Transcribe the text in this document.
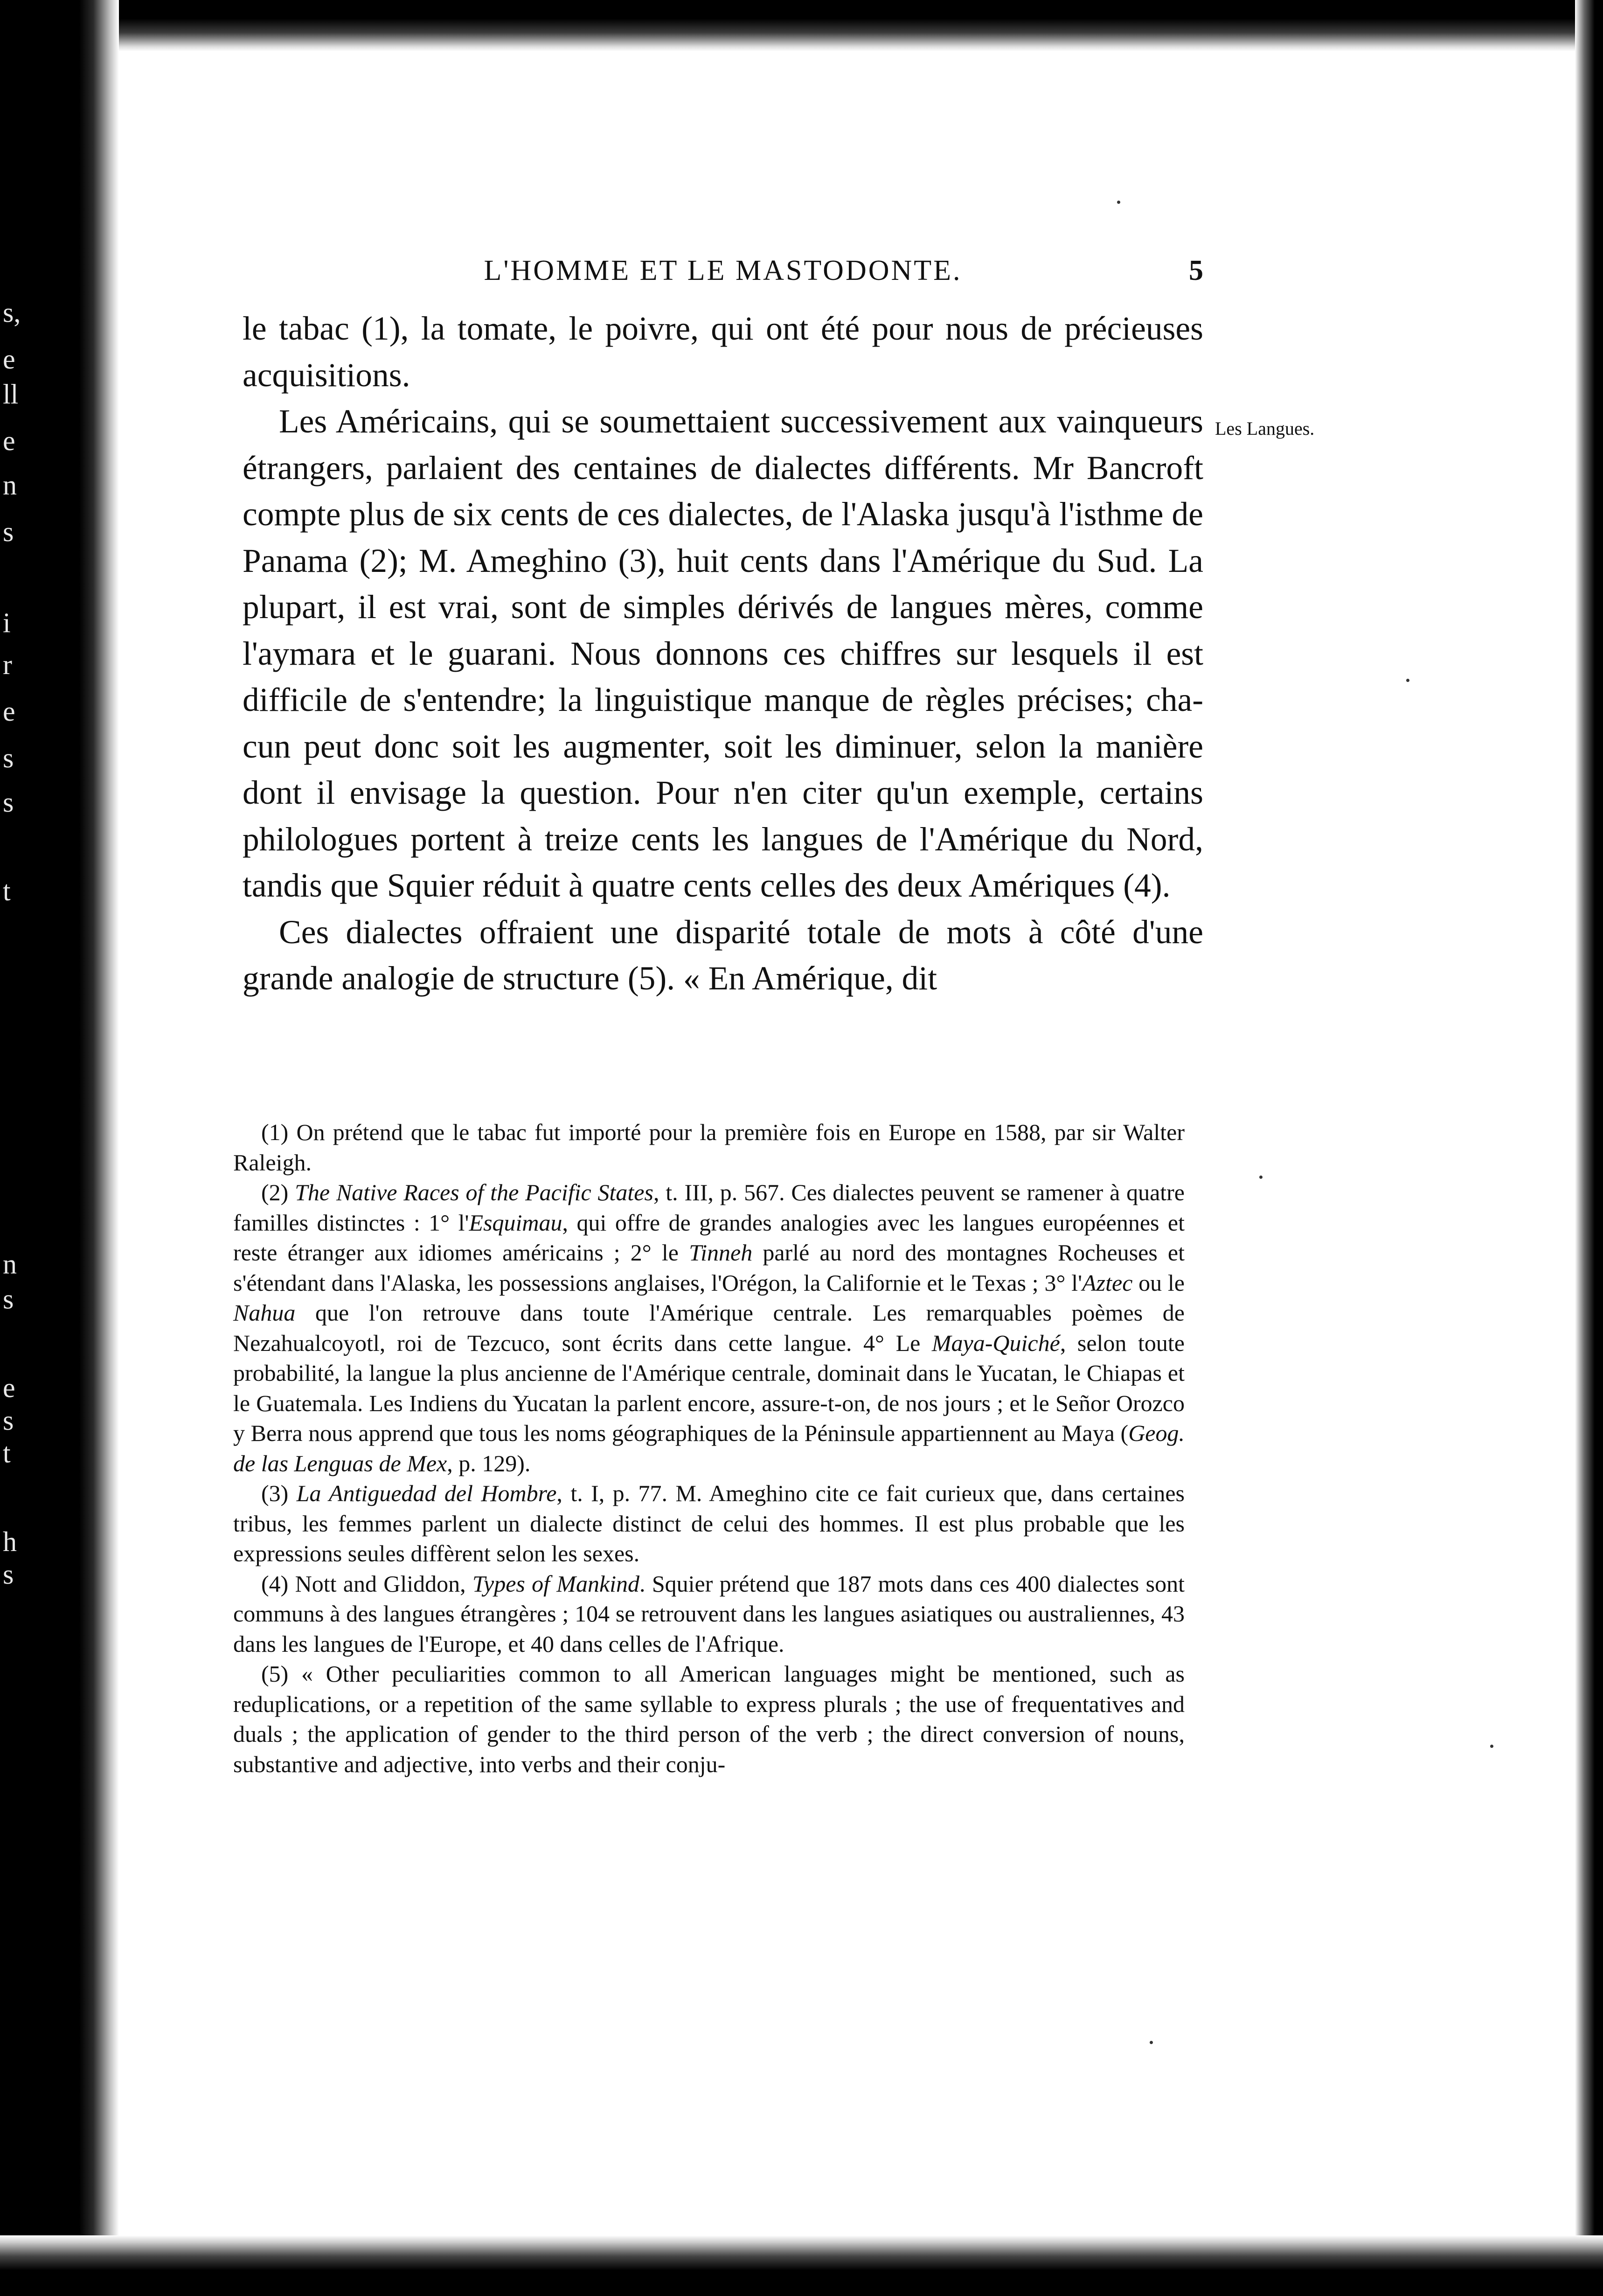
s,
e
ll
e
n
s
i
r
e
s
s
t
n
s
e
s
t
h
s
L'HOMME ET LE MASTODONTE.	5
Les Langues.

le tabac (1), la tomate, le poivre, qui ont été pour nous de précieuses acquisitions.

Les Américains, qui se soumettaient successivement aux vainqueurs étrangers, parlaient des centaines de dialectes différents. Mr Bancroft compte plus de six cents de ces dialectes, de l'Alaska jusqu'à l'isthme de Panama (2); M. Ameghino (3), huit cents dans l'Amérique du Sud. La plupart, il est vrai, sont de simples dérivés de langues mères, comme l'aymara et le guarani. Nous donnons ces chiffres sur lesquels il est difficile de s'entendre; la linguistique manque de règles précises; chacun peut donc soit les augmenter, soit les diminuer, selon la manière dont il envisage la question. Pour n'en citer qu'un exemple, certains philologues portent à treize cents les langues de l'Amérique du Nord, tandis que Squier réduit à quatre cents celles des deux Amériques (4).

Ces dialectes offraient une disparité totale de mots à côté d'une grande analogie de structure (5). « En Amérique, dit

(1) On prétend que le tabac fut importé pour la première fois en Europe en 1588, par sir Walter Raleigh.

(2) The Native Races of the Pacific States, t. III, p. 567. Ces dialectes peuvent se ramener à quatre familles distinctes : 1° l'Esquimau, qui offre de grandes analogies avec les langues européennes et reste étranger aux idiomes américains ; 2° le Tinneh parlé au nord des montagnes Rocheuses et s'étendant dans l'Alaska, les possessions anglaises, l'Orégon, la Californie et le Texas ; 3° l'Aztec ou le Nahua que l'on retrouve dans toute l'Amérique centrale. Les remarquables poèmes de Nezahualcoyotl, roi de Tezcuco, sont écrits dans cette langue. 4° Le Maya-Quiché, selon toute probabilité, la langue la plus ancienne de l'Amérique centrale, dominait dans le Yucatan, le Chiapas et le Guatemala. Les Indiens du Yucatan la parlent encore, assure-t-on, de nos jours ; et le Señor Orozco y Berra nous apprend que tous les noms géographiques de la Péninsule appartiennent au Maya (Geog. de las Lenguas de Mex, p. 129).

(3) La Antiguedad del Hombre, t. I, p. 77. M. Ameghino cite ce fait curieux que, dans certaines tribus, les femmes parlent un dialecte distinct de celui des hommes. Il est plus probable que les expressions seules diffèrent selon les sexes.

(4) Nott and Gliddon, Types of Mankind. Squier prétend que 187 mots dans ces 400 dialectes sont communs à des langues étrangères ; 104 se retrouvent dans les langues asiatiques ou australiennes, 43 dans les langues de l'Europe, et 40 dans celles de l'Afrique.

(5) « Other peculiarities common to all American languages might be mentioned, such as reduplications, or a repetition of the same syllable to express plurals ; the use of frequentatives and duals ; the application of gender to the third person of the verb ; the direct conversion of nouns, substantive and adjective, into verbs and their conju-
